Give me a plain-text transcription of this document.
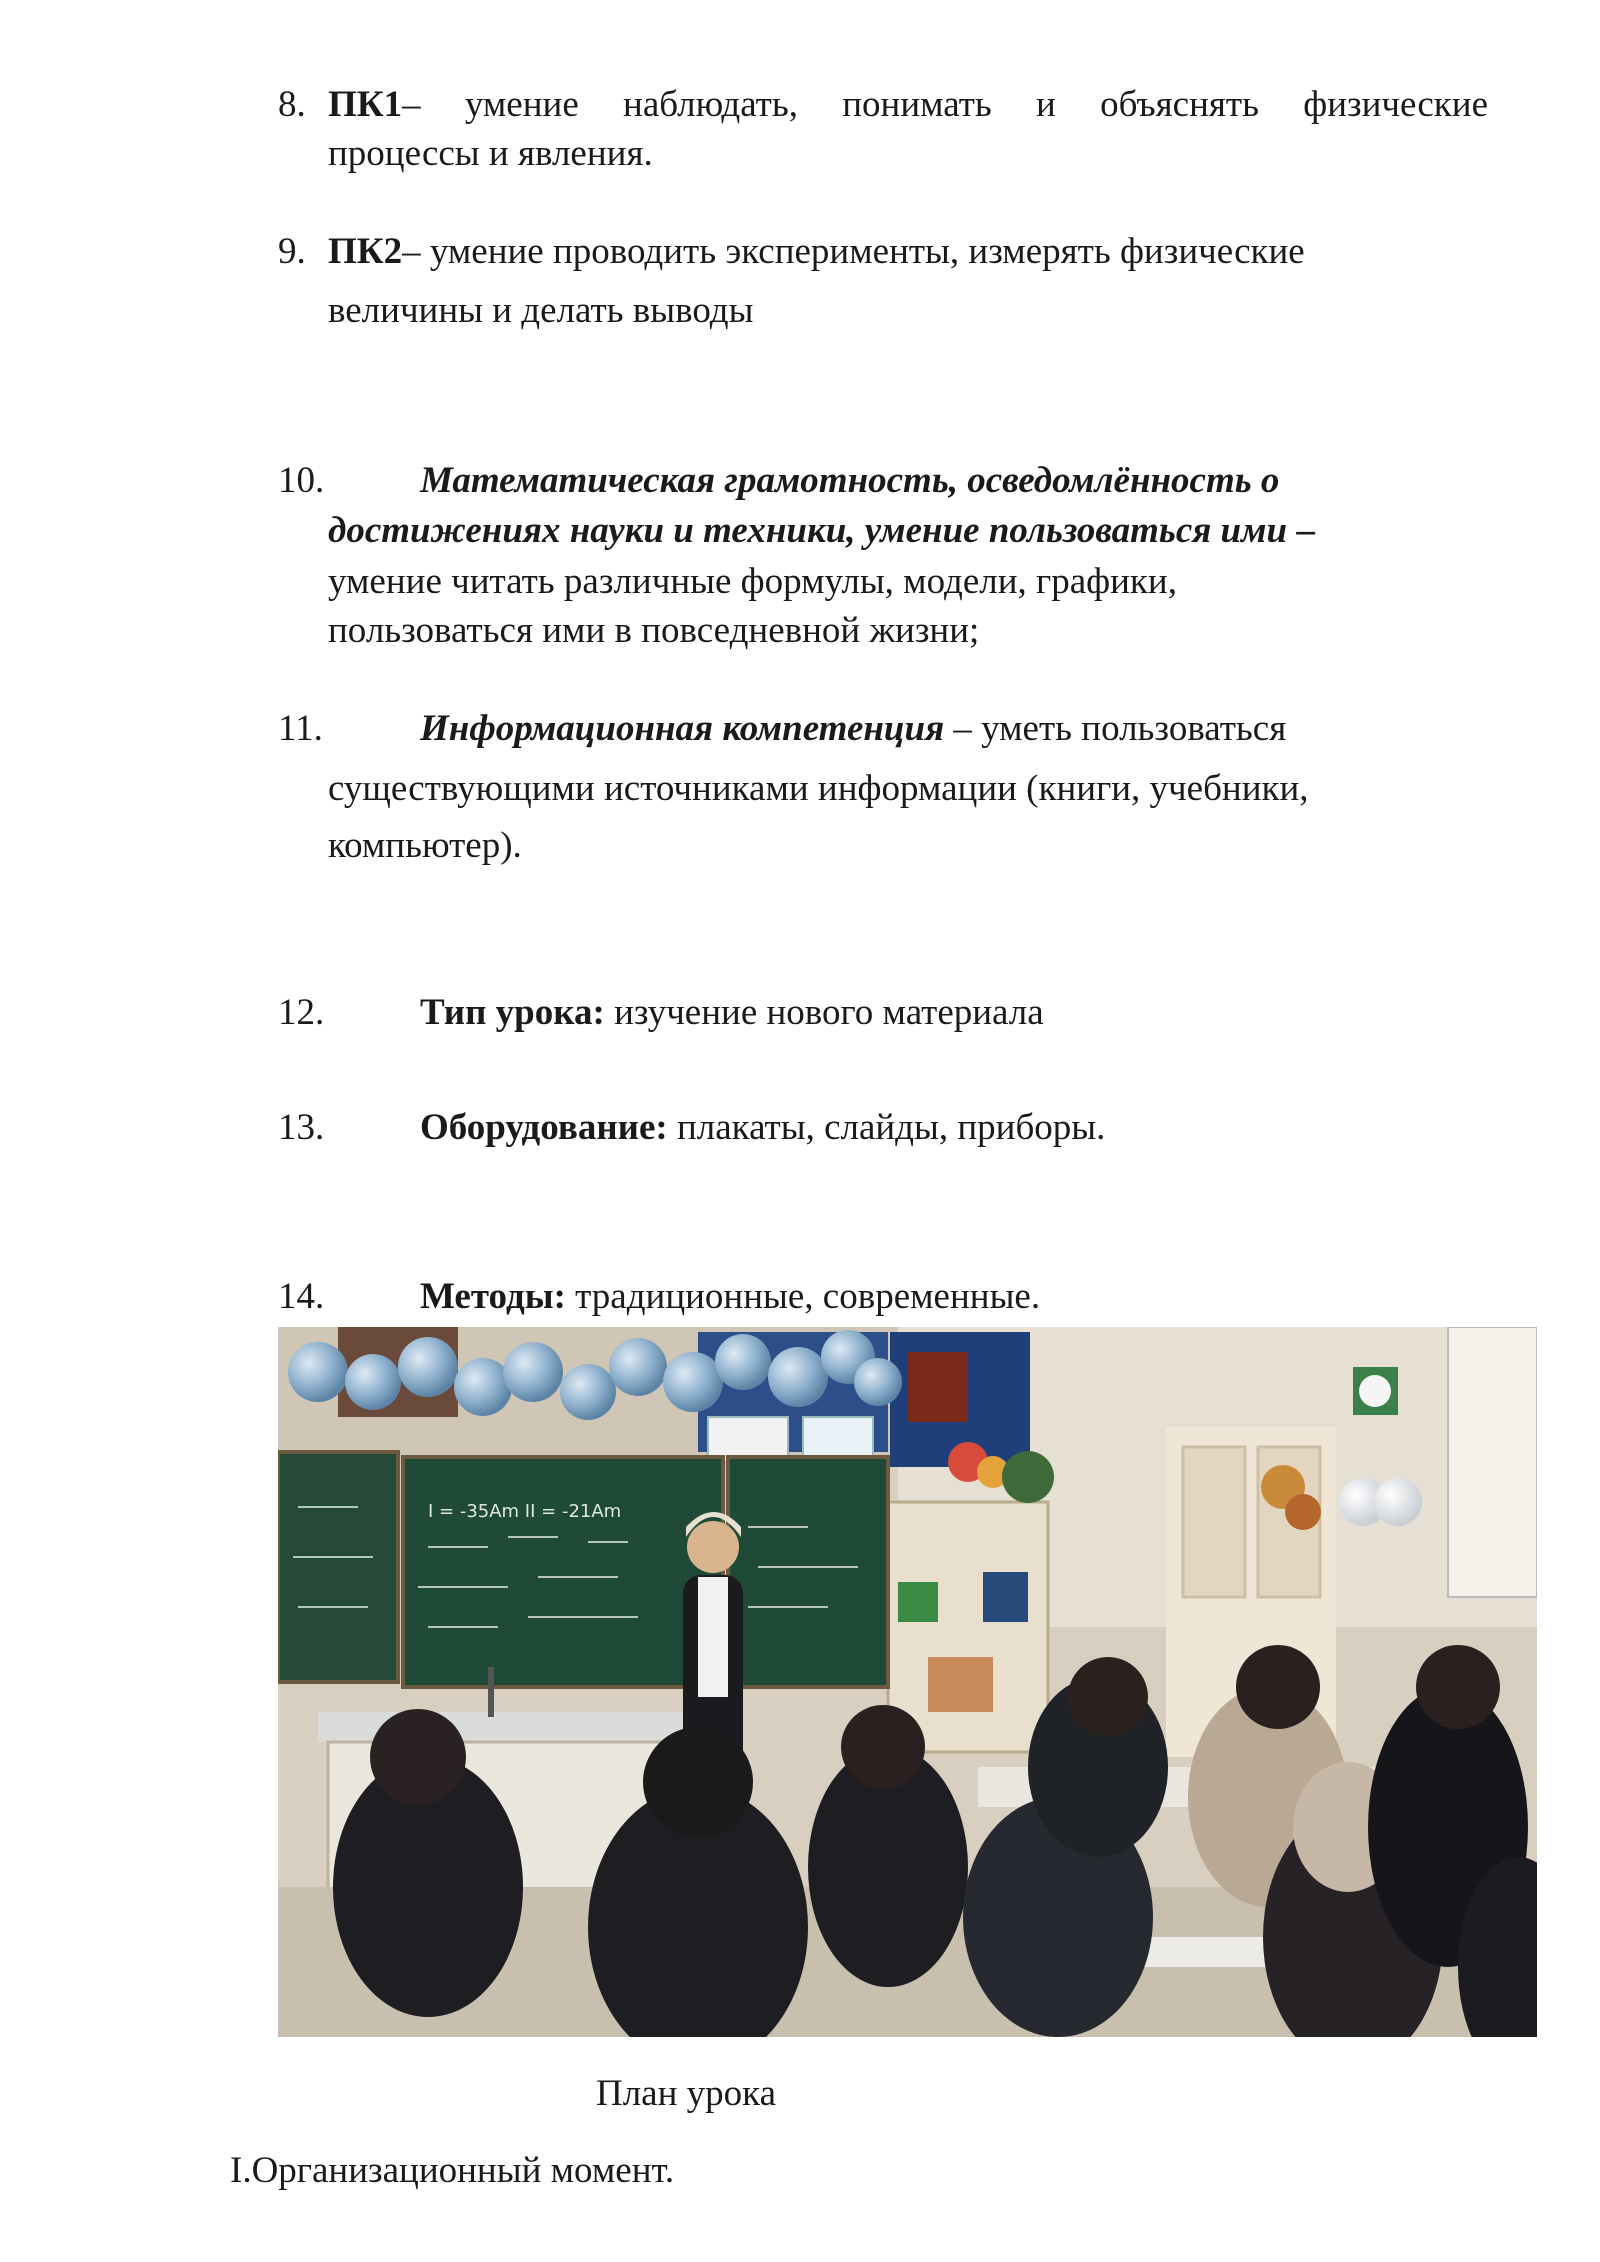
8. ПК1– умение наблюдать, понимать и объяснять физические
процессы и явления.
9. ПК2– умение проводить эксперименты, измерять физические
величины и делать выводы
10.	Математическая грамотность, осведомлённость о
достижениях науки и техники, умение пользоваться ими –
умение читать различные формулы, модели, графики,
пользоваться ими в повседневной жизни;
11.	Информационная компетенция – уметь пользоваться
существующими источниками информации (книги, учебники,
компьютер).
12.	Тип урока: изучение нового материала
13.	Оборудование: плакаты, слайды, приборы.
14.	Методы: традиционные, современные.
I = -35Am II = -21Am
План урока
I.Организационный момент.
